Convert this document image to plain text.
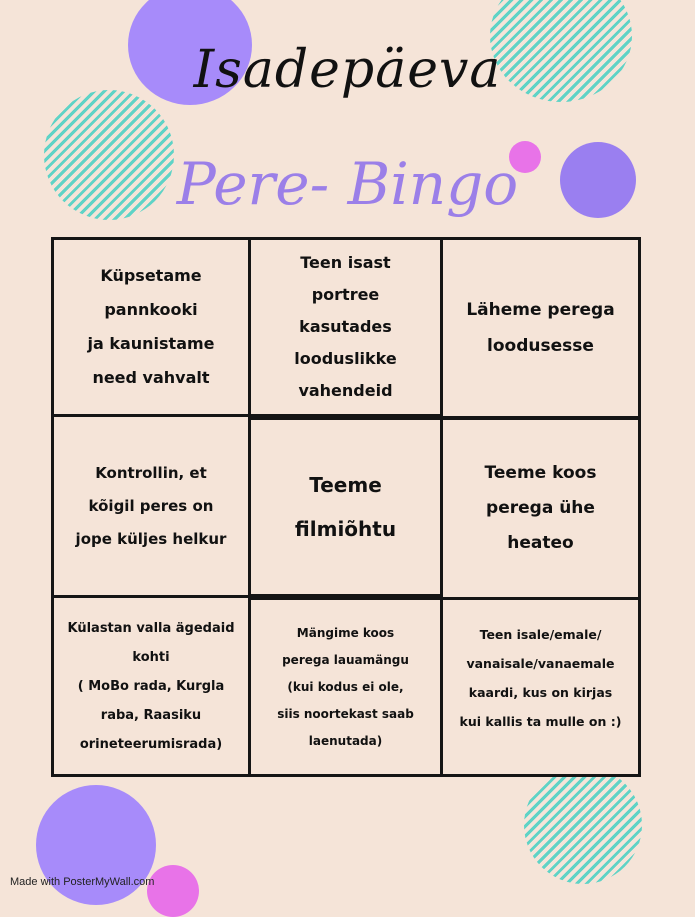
Isadepäeva
Pere- Bingo
Küpsetame
pannkooki
ja kaunistame
need vahvalt
Teen isast
portree
kasutades
looduslikke
vahendeid
Läheme perega
loodusesse
Kontrollin, et
kõigil peres on
jope küljes helkur
Teeme
filmiõhtu
Teeme koos
perega ühe
heateo
Külastan valla ägedaid
kohti
( MoBo rada, Kurgla
raba, Raasiku
orineteerumisrada)
Mängime koos
perega lauamängu
(kui kodus ei ole,
siis noortekast saab
laenutada)
Teen isale/emale/
vanaisale/vanaemale
kaardi, kus on kirjas
kui kallis ta mulle on :)
Made with PosterMyWall.com
